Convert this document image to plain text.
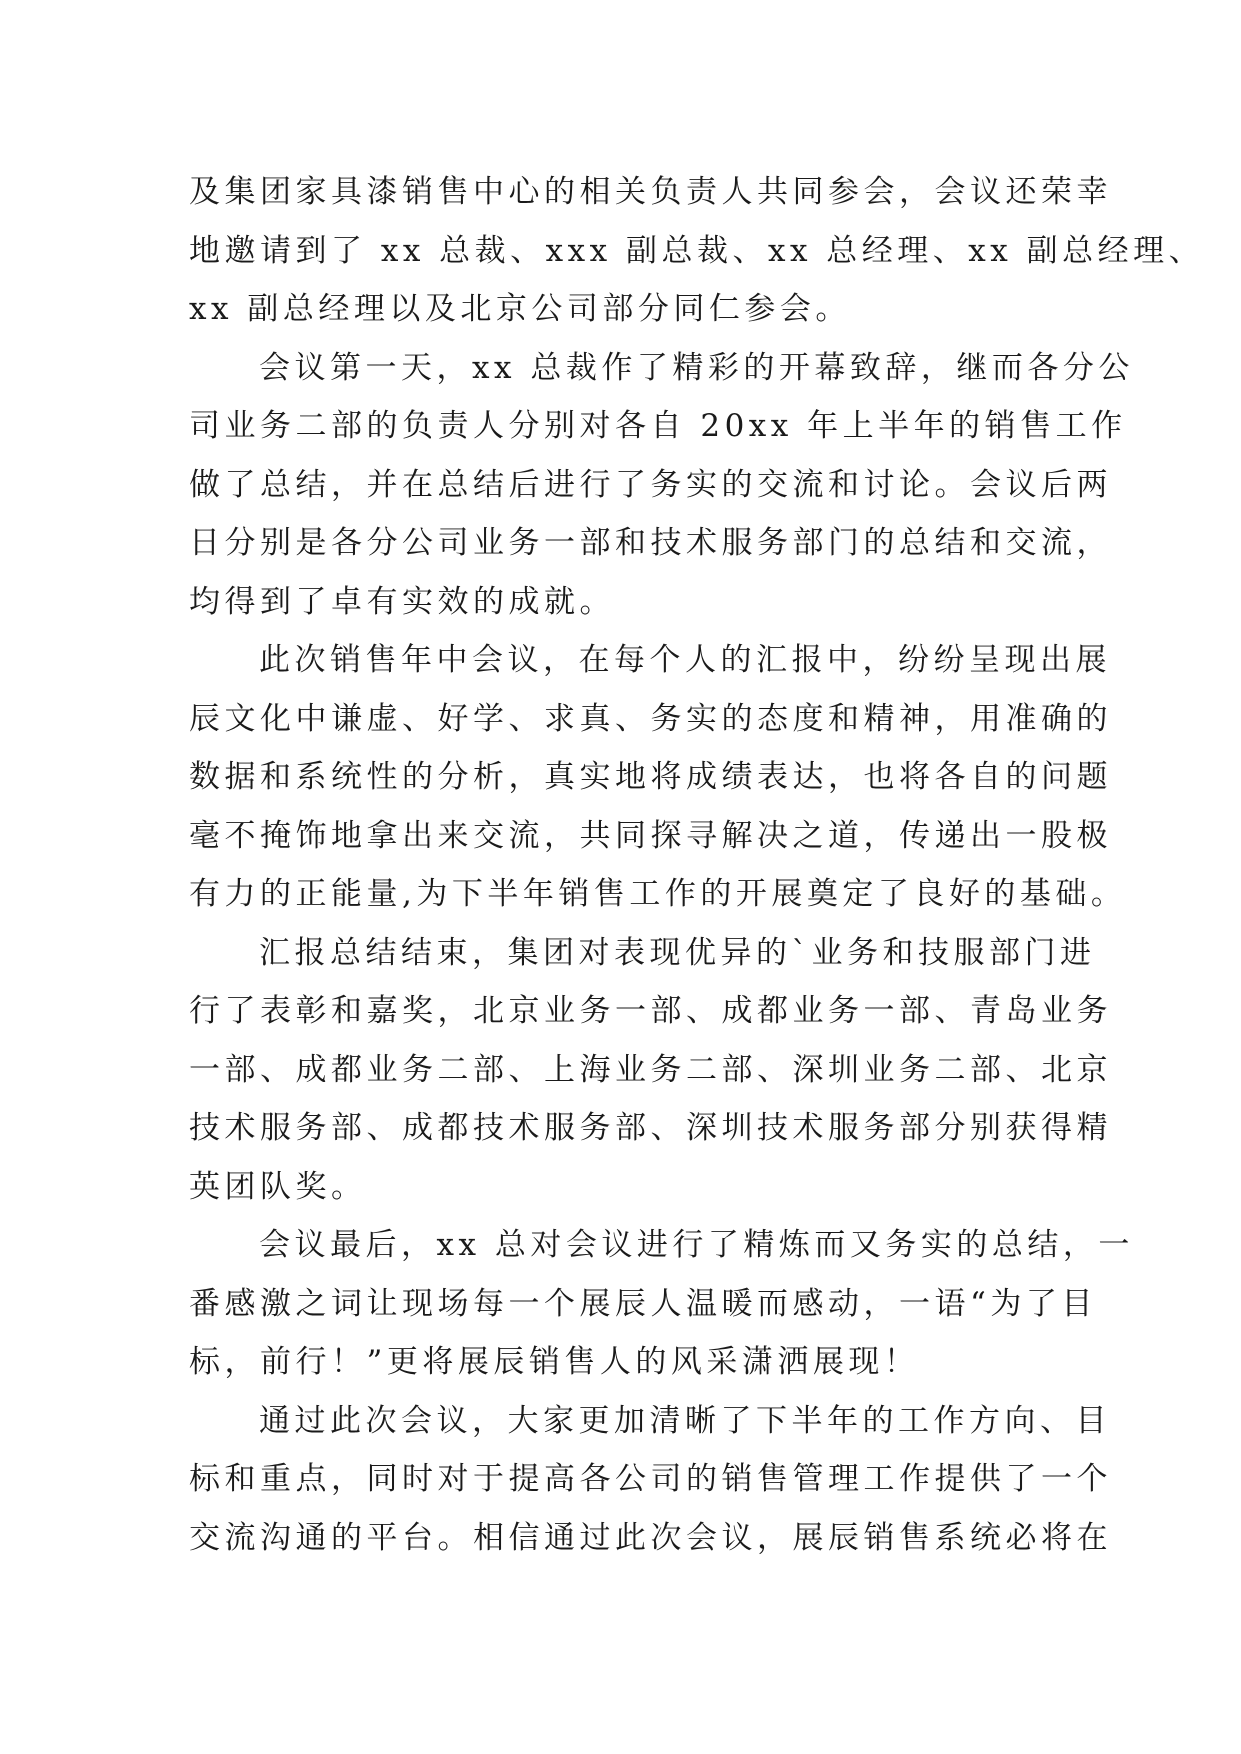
及集团家具漆销售中心的相关负责人共同参会，会议还荣幸
地邀请到了 xx 总裁、xxx 副总裁、xx 总经理、xx 副总经理、
xx 副总经理以及北京公司部分同仁参会。
会议第一天，xx 总裁作了精彩的开幕致辞，继而各分公
司业务二部的负责人分别对各自 20xx 年上半年的销售工作
做了总结，并在总结后进行了务实的交流和讨论。会议后两
日分别是各分公司业务一部和技术服务部门的总结和交流，
均得到了卓有实效的成就。
此次销售年中会议，在每个人的汇报中，纷纷呈现出展
辰文化中谦虚、好学、求真、务实的态度和精神，用准确的
数据和系统性的分析，真实地将成绩表达，也将各自的问题
毫不掩饰地拿出来交流，共同探寻解决之道，传递出一股极
有力的正能量,为下半年销售工作的开展奠定了良好的基础。
汇报总结结束，集团对表现优异的`业务和技服部门进
行了表彰和嘉奖，北京业务一部、成都业务一部、青岛业务
一部、成都业务二部、上海业务二部、深圳业务二部、北京
技术服务部、成都技术服务部、深圳技术服务部分别获得精
英团队奖。
会议最后，xx 总对会议进行了精炼而又务实的总结，一
番感激之词让现场每一个展辰人温暖而感动，一语“为了目
标，前行！”更将展辰销售人的风采潇洒展现！
通过此次会议，大家更加清晰了下半年的工作方向、目
标和重点，同时对于提高各公司的销售管理工作提供了一个
交流沟通的平台。相信通过此次会议，展辰销售系统必将在
